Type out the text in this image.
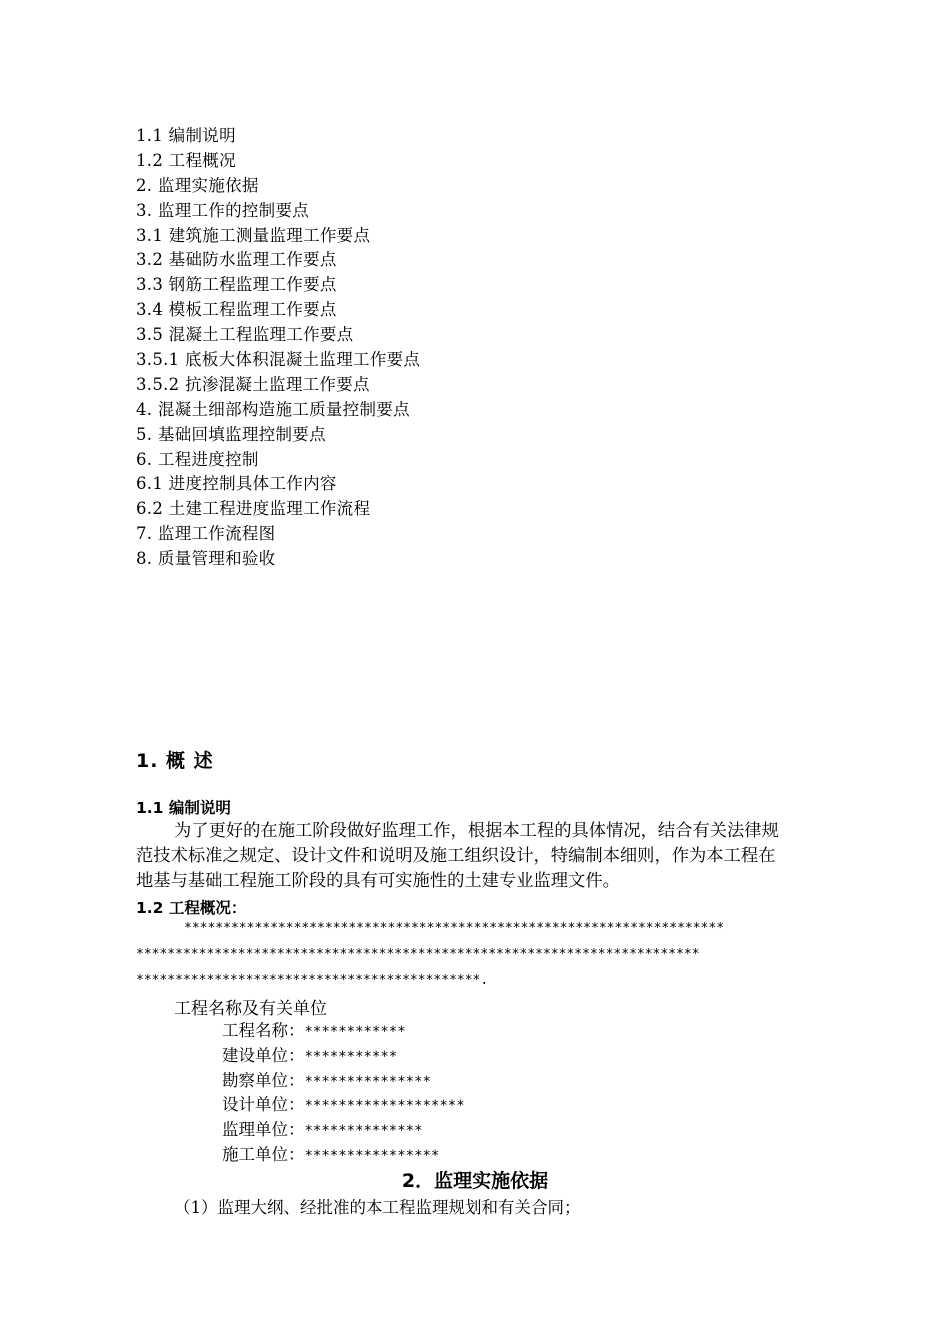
1.1 编制说明
1.2 工程概况
2. 监理实施依据
3. 监理工作的控制要点
3.1 建筑施工测量监理工作要点
3.2 基础防水监理工作要点
3.3 钢筋工程监理工作要点
3.4 模板工程监理工作要点
3.5 混凝土工程监理工作要点
3.5.1 底板大体积混凝土监理工作要点
3.5.2 抗渗混凝土监理工作要点
4. 混凝土细部构造施工质量控制要点
5. 基础回填监理控制要点
6. 工程进度控制
6.1 进度控制具体工作内容
6.2 土建工程进度监理工作流程
7. 监理工作流程图
8. 质量管理和验收
1. 概 述
1.1 编制说明
为了更好的在施工阶段做好监理工作，根据本工程的具体情况，结合有关法律规
范技术标准之规定、设计文件和说明及施工组织设计，特编制本细则，作为本工程在
地基与基础工程施工阶段的具有可实施性的土建专业监理文件。
1.2 工程概况：
*********************************************************************
************************************************************************
********************************************.
工程名称及有关单位
工程名称：************
建设单位：***********
勘察单位：***************
设计单位：*******************
监理单位：**************
施工单位：****************
2．监理实施依据
（1）监理大纲、经批准的本工程监理规划和有关合同；
